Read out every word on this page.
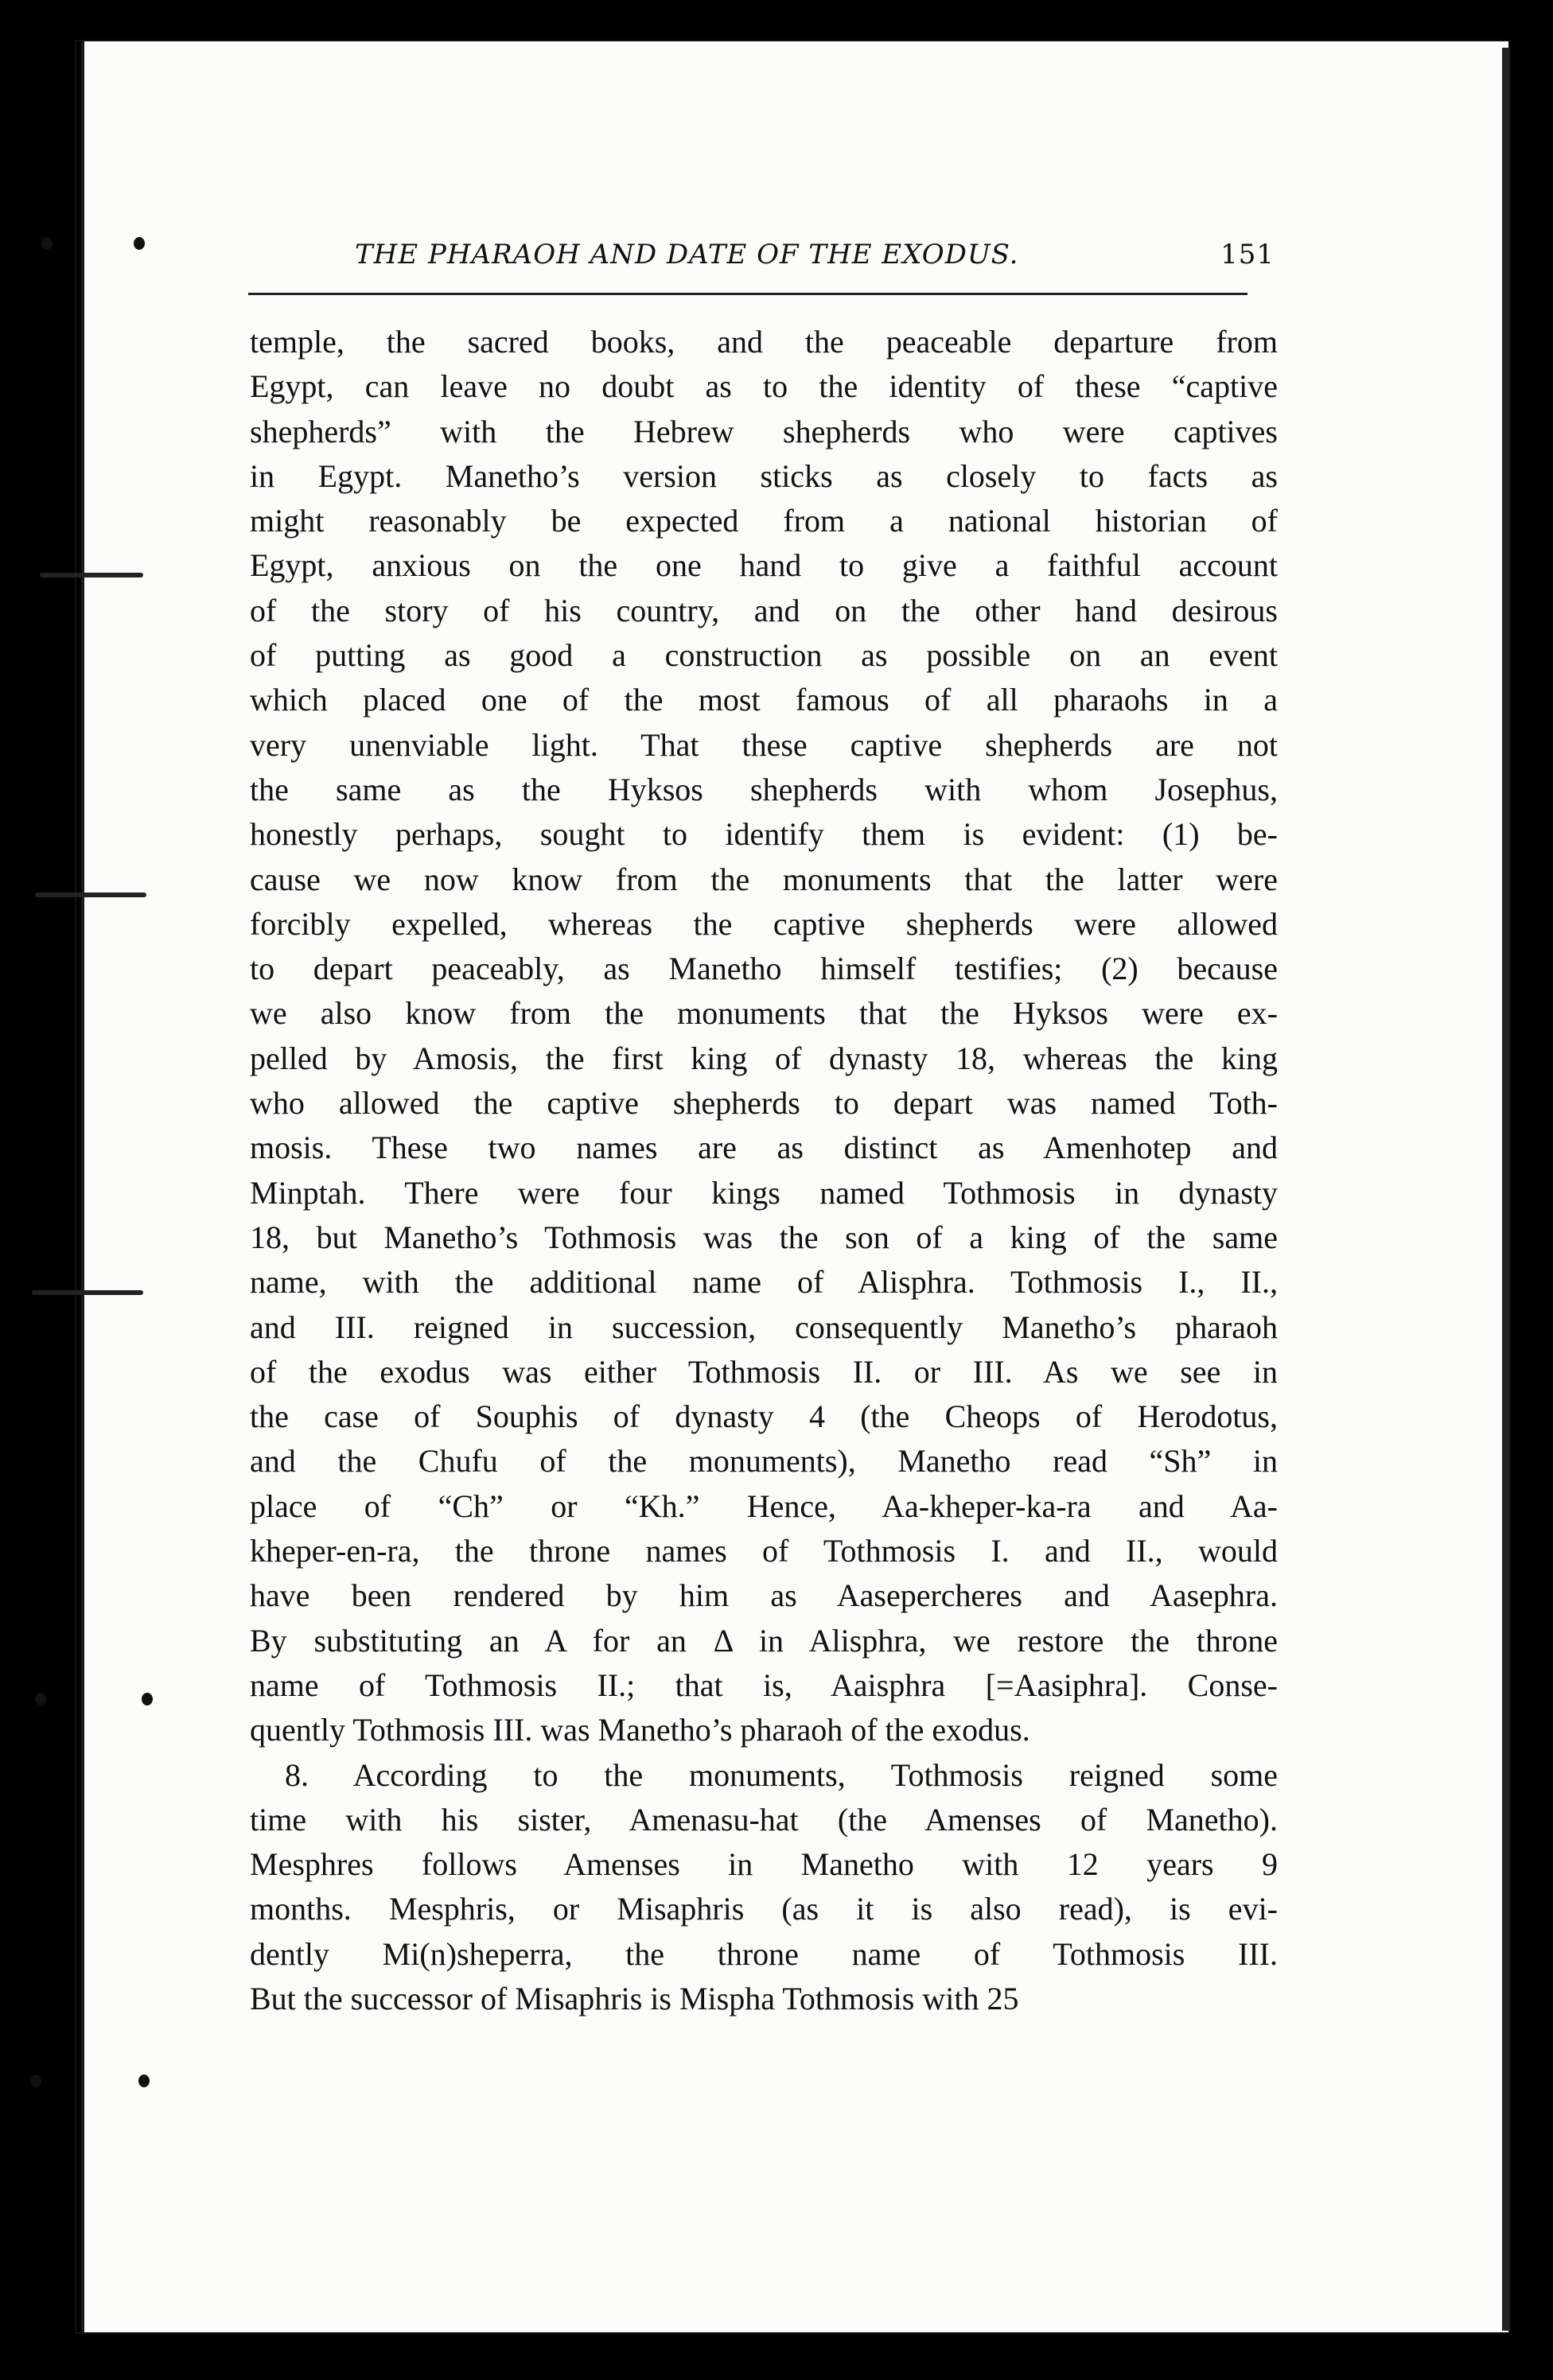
THE PHARAOH AND DATE OF THE EXODUS.	151
temple, the sacred books, and the peaceable departure from
Egypt, can leave no doubt as to the identity of these “captive
shepherds” with the Hebrew shepherds who were captives
in Egypt. Manetho’s version sticks as closely to facts as
might reasonably be expected from a national historian of
Egypt, anxious on the one hand to give a faithful account
of the story of his country, and on the other hand desirous
of putting as good a construction as possible on an event
which placed one of the most famous of all pharaohs in a
very unenviable light. That these captive shepherds are not
the same as the Hyksos shepherds with whom Josephus,
honestly perhaps, sought to identify them is evident: (1) be-
cause we now know from the monuments that the latter were
forcibly expelled, whereas the captive shepherds were allowed
to depart peaceably, as Manetho himself testifies; (2) because
we also know from the monuments that the Hyksos were ex-
pelled by Amosis, the first king of dynasty 18, whereas the king
who allowed the captive shepherds to depart was named Toth-
mosis. These two names are as distinct as Amenhotep and
Minptah. There were four kings named Tothmosis in dynasty
18, but Manetho’s Tothmosis was the son of a king of the same
name, with the additional name of Alisphra. Tothmosis I., II.,
and III. reigned in succession, consequently Manetho’s pharaoh
of the exodus was either Tothmosis II. or III. As we see in
the case of Souphis of dynasty 4 (the Cheops of Herodotus,
and the Chufu of the monuments), Manetho read “Sh” in
place of “Ch” or “Kh.” Hence, Aa-kheper-ka-ra and Aa-
kheper-en-ra, the throne names of Tothmosis I. and II., would
have been rendered by him as Aasepercheres and Aasephra.
By substituting an A for an Δ in Alisphra, we restore the throne
name of Tothmosis II.; that is, Aaisphra [=Aasiphra]. Conse-
quently Tothmosis III. was Manetho’s pharaoh of the exodus.
8. According to the monuments, Tothmosis reigned some
time with his sister, Amenasu-hat (the Amenses of Manetho).
Mesphres follows Amenses in Manetho with 12 years 9
months. Mesphris, or Misaphris (as it is also read), is evi-
dently Mi(n)sheperra, the throne name of Tothmosis III.
But the successor of Misaphris is Mispha Tothmosis with 25
